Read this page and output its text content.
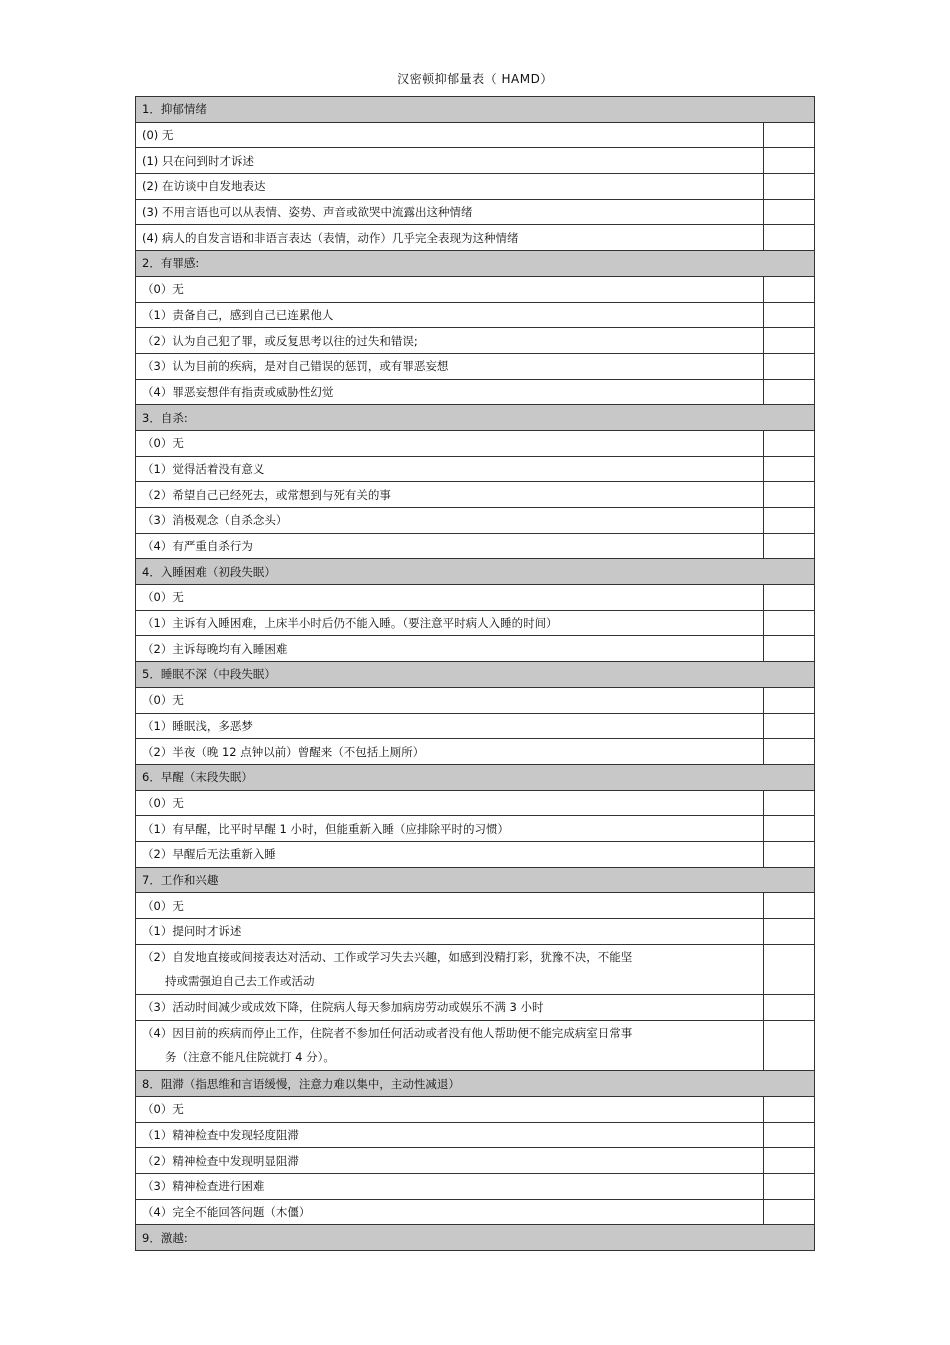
汉密顿抑郁量表（ HAMD）
1．抑郁情绪	
(0) 无	
(1) 只在问到时才诉述	
(2) 在访谈中自发地表达	
(3) 不用言语也可以从表情、姿势、声音或欲哭中流露出这种情绪	
(4) 病人的自发言语和非语言表达（表情，动作）几乎完全表现为这种情绪	
2．有罪感:	
（0）无	
（1）责备自己，感到自己已连累他人	
（2）认为自己犯了罪，或反复思考以往的过失和错误;	
（3）认为目前的疾病，是对自己错误的惩罚，或有罪恶妄想	
（4）罪恶妄想伴有指责或威胁性幻觉	
3．自杀:	
（0）无	
（1）觉得活着没有意义	
（2）希望自己已经死去，或常想到与死有关的事	
（3）消极观念（自杀念头）	
（4）有严重自杀行为	
4．入睡困难（初段失眠）	
（0）无	
（1）主诉有入睡困难，上床半小时后仍不能入睡。（要注意平时病人入睡的时间）	
（2）主诉每晚均有入睡困难	
5．睡眠不深（中段失眠）	
（0）无	
（1）睡眠浅，多恶梦	
（2）半夜（晚 12 点钟以前）曾醒来（不包括上厕所）	
6．早醒（末段失眠）	
（0）无	
（1）有早醒，比平时早醒 1 小时，但能重新入睡（应排除平时的习惯）	
（2）早醒后无法重新入睡	
7．工作和兴趣	
（0）无	
（1）提问时才诉述	
（2）自发地直接或间接表达对活动、工作或学习失去兴趣，如感到没精打彩，犹豫不决，不能坚
　　持或需强迫自己去工作或活动	
（3）活动时间减少或成效下降，住院病人每天参加病房劳动或娱乐不满 3 小时	
（4）因目前的疾病而停止工作，住院者不参加任何活动或者没有他人帮助便不能完成病室日常事
　　务（注意不能凡住院就打 4 分）。	
8．阻滞（指思维和言语缓慢，注意力难以集中，主动性减退）	
（0）无	
（1）精神检查中发现轻度阻滞	
（2）精神检查中发现明显阻滞	
（3）精神检查进行困难	
（4）完全不能回答问题（木僵）	
9．激越:	
